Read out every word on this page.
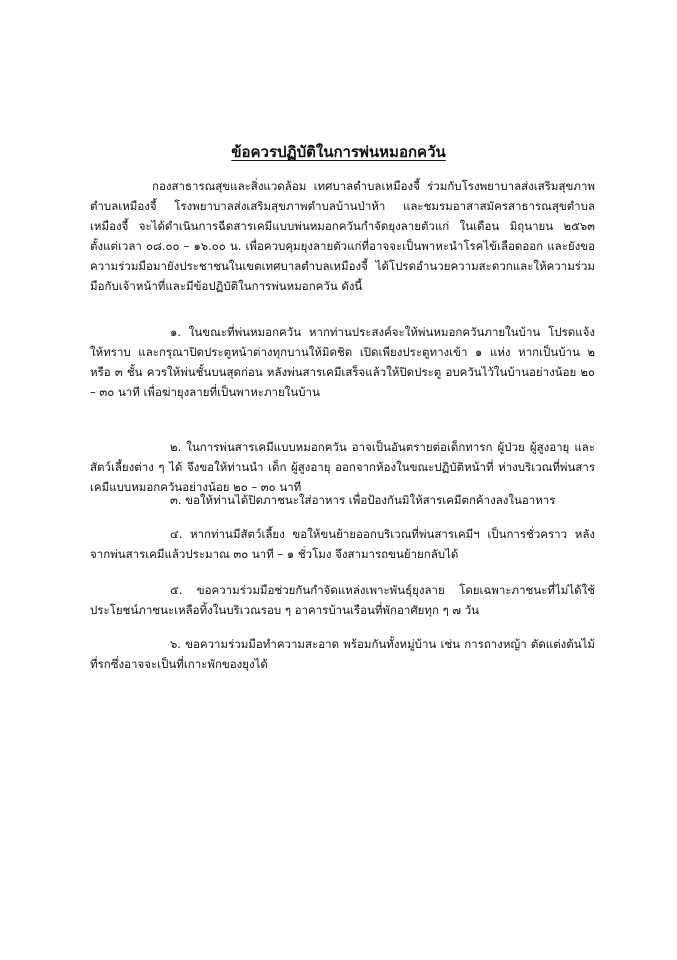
ข้อควรปฏิบัติในการพ่นหมอกควัน

กองสาธารณสุขและสิ่งแวดล้อม เทศบาลตำบลเหมืองจี้ ร่วมกับโรงพยาบาลส่งเสริมสุขภาพตำบลเหมืองจี้ โรงพยาบาลส่งเสริมสุขภาพตำบลบ้านป่าห้า และชมรมอาสาสมัครสาธารณสุขตำบลเหมืองจี้ จะได้ดำเนินการฉีดสารเคมีแบบพ่นหมอกควันกำจัดยุงลายตัวแก่ ในเดือน มิถุนายน ๒๕๖๓ ตั้งแต่เวลา ๐๘.๐๐ – ๑๖.๐๐ น. เพื่อควบคุมยุงลายตัวแก่ที่อาจจะเป็นพาหะนำโรคไข้เลือดออก และยังขอความร่วมมือมายังประชาชนในเขตเทศบาลตำบลเหมืองจี้ ได้โปรดอำนวยความสะดวกและให้ความร่วมมือกับเจ้าหน้าที่และมีข้อปฏิบัติในการพ่นหมอกควัน ดังนี้

๑. ในขณะที่พ่นหมอกควัน หากท่านประสงค์จะให้พ่นหมอกควันภายในบ้าน โปรดแจ้งให้ทราบ และกรุณาปิดประตูหน้าต่างทุกบานให้มิดชิด เปิดเพียงประตูทางเข้า ๑ แห่ง หากเป็นบ้าน ๒ หรือ ๓ ชั้น ควรให้พ่นชั้นบนสุดก่อน หลังพ่นสารเคมีเสร็จแล้วให้ปิดประตู อบควันไว้ในบ้านอย่างน้อย ๒๐ – ๓๐ นาที เพื่อฆ่ายุงลายที่เป็นพาหะภายในบ้าน

๒. ในการพ่นสารเคมีแบบหมอกควัน อาจเป็นอันตรายต่อเด็กทารก ผู้ป่วย ผู้สูงอายุ และสัตว์เลี้ยงต่าง ๆ ได้ จึงขอให้ท่านนำ เด็ก ผู้สูงอายุ ออกจากห้องในขณะปฏิบัติหน้าที่ ห่างบริเวณที่พ่นสารเคมีแบบหมอกควันอย่างน้อย ๒๐ – ๓๐ นาที

๓. ขอให้ท่านได้ปิดภาชนะใส่อาหาร เพื่อป้องกันมิให้สารเคมีตกค้างลงในอาหาร

๔. หากท่านมีสัตว์เลี้ยง ขอให้ขนย้ายออกบริเวณที่พ่นสารเคมีฯ เป็นการชั่วคราว หลังจากพ่นสารเคมีแล้วประมาณ ๓๐ นาที – ๑ ชั่วโมง จึงสามารถขนย้ายกลับได้

๕. ขอความร่วมมือช่วยกันกำจัดแหล่งเพาะพันธุ์ยุงลาย โดยเฉพาะภาชนะที่ไม่ได้ใช้ประโยชน์ภาชนะเหลือทิ้งในบริเวณรอบ ๆ อาคารบ้านเรือนที่พักอาศัยทุก ๆ ๗ วัน

๖. ขอความร่วมมือทำความสะอาด พร้อมกันทั้งหมู่บ้าน เช่น การถางหญ้า ตัดแต่งต้นไม้ที่รกซึ่งอาจจะเป็นที่เกาะพักของยุงได้
